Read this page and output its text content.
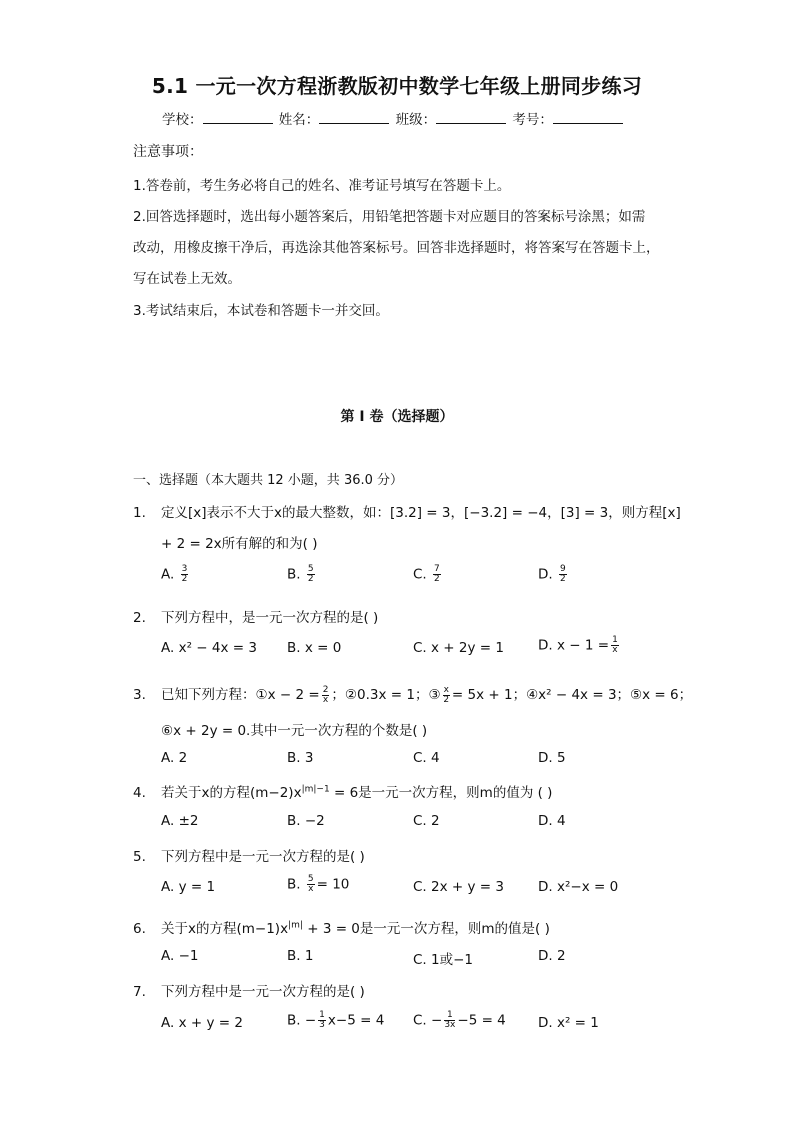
5.1 一元一次方程浙教版初中数学七年级上册同步练习
学校：	姓名：	班级：	考号：
注意事项：
1.答卷前，考生务必将自己的姓名、准考证号填写在答题卡上。
2.回答选择题时，选出每小题答案后，用铅笔把答题卡对应题目的答案标号涂黑；如需
改动，用橡皮擦干净后，再选涂其他答案标号。回答非选择题时，将答案写在答题卡上，
写在试卷上无效。
3.考试结束后，本试卷和答题卡一并交回。
第 I 卷（选择题）
一、选择题（本大题共 12 小题，共 36.0 分）
1. 定义[x]表示不大于x的最大整数，如：[3.2] = 3，[−3.2] = −4，[3] = 3，则方程[x]
+ 2 = 2x所有解的和为( )
A. $\frac{3}{2}$	B. $\frac{5}{2}$	C. $\frac{7}{2}$	D. $\frac{9}{2}$
2. 下列方程中，是一元一次方程的是( )
A. x² − 4x = 3 B. x = 0	C. x + 2y = 1	D. $x - 1 = \frac{1}{x}$
3. 已知下列方程：①x − $2 = \frac{2}{x}$ ；②0.3x = 1；③ $\frac{x}{2} = 5x + 1$；④x² − 4x = 3；⑤x = 6；
⑥x + 2y = 0.其中一元一次方程的个数是( )
A. 2	B. 3	C. 4	D. 5
4. 若关于x的方程$(m-2)x^{|m|-1} = 6$是一元一次方程，则m的值为 ( )
A. ±2	B. −2	C. 2	D. 4
5. 下列方程中是一元一次方程的是( )
A. y = 1	B. $\frac{5}{x} = 10$	C. 2x + y = 3	D. x²−x = 0
6. 关于x的方程$(m-1)x^{|m|} + 3 = 0$是一元一次方程，则m的值是( )
A. −1	B. 1	C. 1或−1	D. 2
7. 下列方程中是一元一次方程的是( )
A. x + y = 2	B. − $\frac{1}{3} x-5 = 4$ C. − $\frac{1}{3x} -5 = 4$ D. x² = 1
